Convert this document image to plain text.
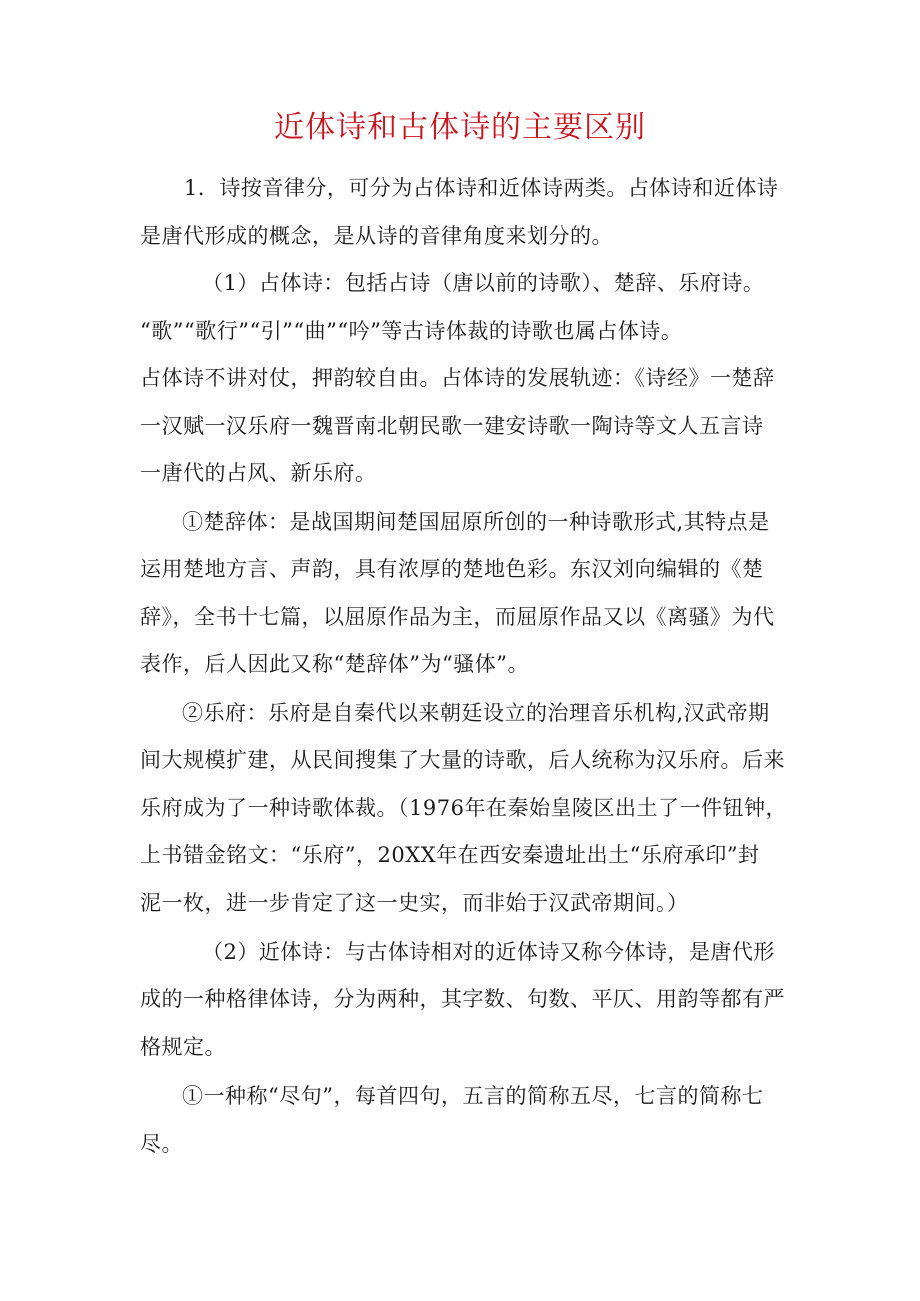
近体诗和古体诗的主要区别
1．诗按音律分，可分为占体诗和近体诗两类。占体诗和近体诗
是唐代形成的概念，是从诗的音律角度来划分的。
（1）占体诗：包括占诗（唐以前的诗歌）、楚辞、乐府诗。
“歌”“歌行”“引”“曲”“吟”等古诗体裁的诗歌也属占体诗。
占体诗不讲对仗，押韵较自由。占体诗的发展轨迹：《诗经》一楚辞
一汉赋一汉乐府一魏晋南北朝民歌一建安诗歌一陶诗等文人五言诗
一唐代的占风、新乐府。
①楚辞体：是战国期间楚国屈原所创的一种诗歌形式,其特点是
运用楚地方言、声韵，具有浓厚的楚地色彩。东汉刘向编辑的《楚
辞》，全书十七篇，以屈原作品为主，而屈原作品又以《离骚》为代
表作，后人因此又称“楚辞体”为“骚体”。
②乐府：乐府是自秦代以来朝廷设立的治理音乐机构,汉武帝期
间大规模扩建，从民间搜集了大量的诗歌，后人统称为汉乐府。后来
乐府成为了一种诗歌体裁。（1976年在秦始皇陵区出土了一件钮钟，
上书错金铭文：“乐府”，20XX年在西安秦遗址出土“乐府承印”封
泥一枚，进一步肯定了这一史实，而非始于汉武帝期间。）
（2）近体诗：与古体诗相对的近体诗又称今体诗，是唐代形
成的一种格律体诗，分为两种，其字数、句数、平仄、用韵等都有严
格规定。
①一种称“尽句”，每首四句，五言的简称五尽，七言的简称七
尽。
